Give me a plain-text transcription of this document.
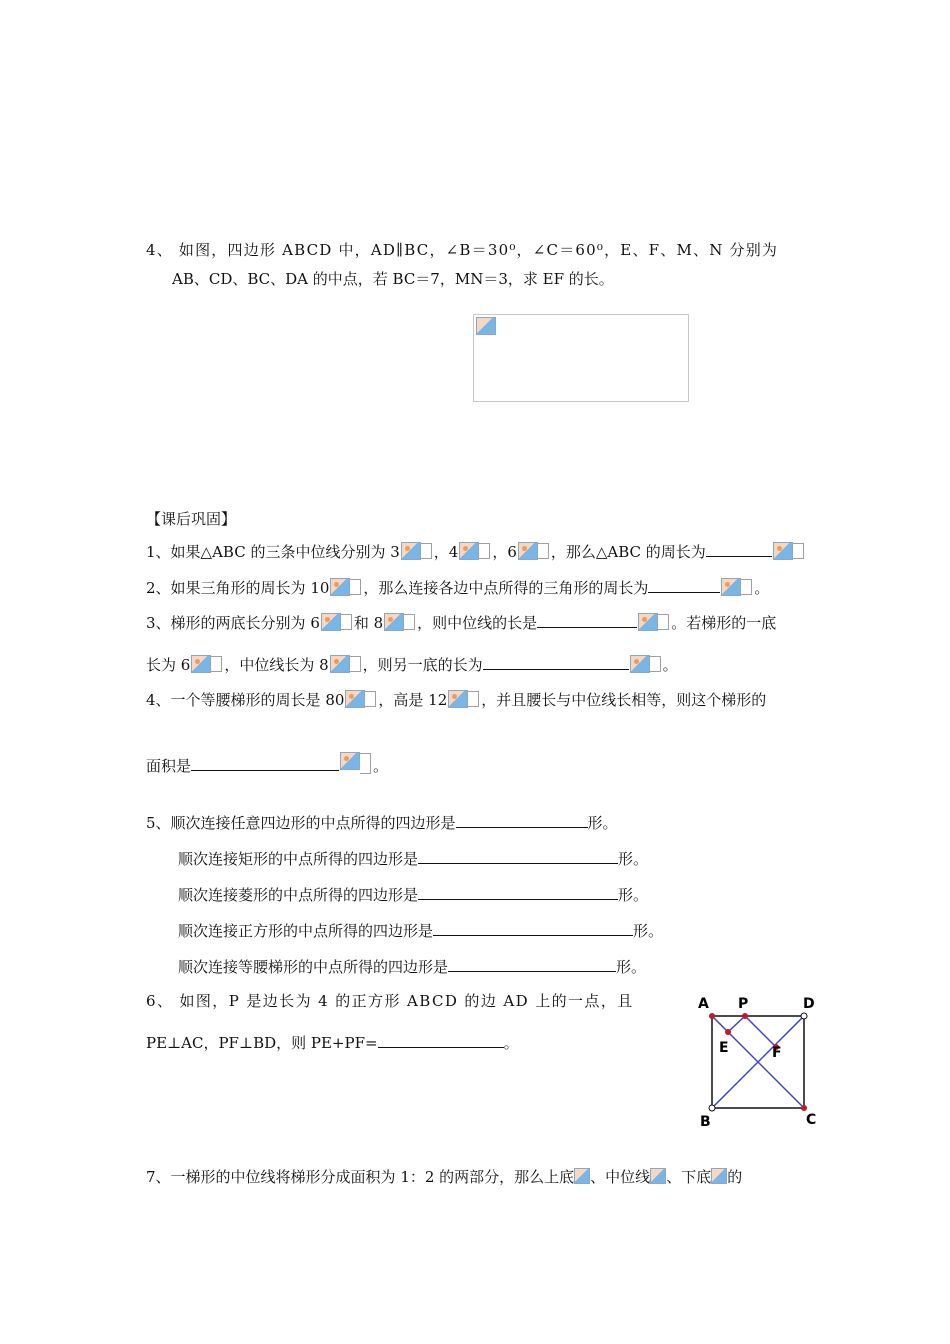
4、 如图，四边形 ABCD 中，AD∥BC，∠B＝30⁰，∠C＝60⁰，E、F、M、N 分别为
AB、CD、BC、DA 的中点，若 BC＝7，MN＝3，求 EF 的长。
【课后巩固】
1、如果△ABC 的三条中位线分别为 3 ，4 ，6 ，那么△ABC 的周长为
2、如果三角形的周长为 10 ，那么连接各边中点所得的三角形的周长为	。
3、梯形的两底长分别为 6 和 8 ，则中位线的长是	。若梯形的一底
长为 6 ，中位线长为 8 ，则另一底的长为	。
4、一个等腰梯形的周长是 80 ，高是 12 ，并且腰长与中位线长相等，则这个梯形的
面积是	。
5、顺次连接任意四边形的中点所得的四边形是	形。
顺次连接矩形的中点所得的四边形是	形。
顺次连接菱形的中点所得的四边形是	形。
顺次连接正方形的中点所得的四边形是	形。
顺次连接等腰梯形的中点所得的四边形是	形。
6、 如图，P 是边长为 4 的正方形 ABCD 的边 AD 上的一点，且
PE⊥AC，PF⊥BD，则 PE+PF=	。
A P	D
E	F
B	C
7、一梯形的中位线将梯形分成面积为 1：2 的两部分，那么上底 、中位线 、下底 的
